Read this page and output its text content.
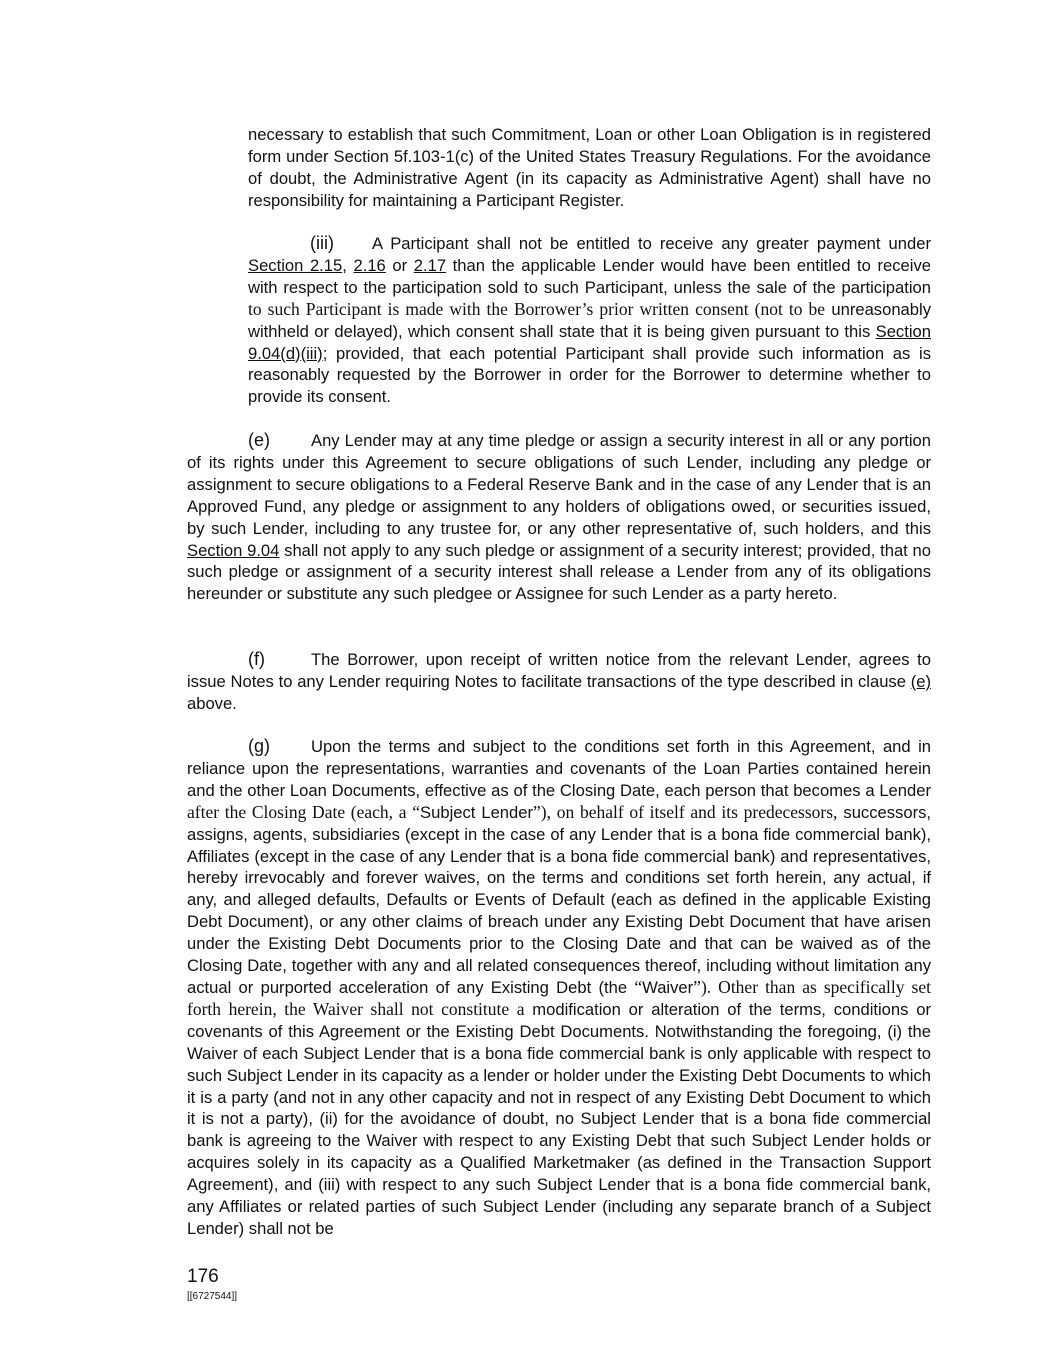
necessary to establish that such Commitment, Loan or other Loan Obligation is in registered form under Section 5f.103-1(c) of the United States Treasury Regulations. For the avoidance of doubt, the Administrative Agent (in its capacity as Administrative Agent) shall have no responsibility for maintaining a Participant Register.

(iii) A Participant shall not be entitled to receive any greater payment under Section 2.15, 2.16 or 2.17 than the applicable Lender would have been entitled to receive with respect to the participation sold to such Participant, unless the sale of the participation to such Participant is made with the Borrower’s prior written consent (not to be unreasonably withheld or delayed), which consent shall state that it is being given pursuant to this Section 9.04(d)(iii); provided, that each potential Participant shall provide such information as is reasonably requested by the Borrower in order for the Borrower to determine whether to provide its consent.

(e) Any Lender may at any time pledge or assign a security interest in all or any portion of its rights under this Agreement to secure obligations of such Lender, including any pledge or assignment to secure obligations to a Federal Reserve Bank and in the case of any Lender that is an Approved Fund, any pledge or assignment to any holders of obligations owed, or securities issued, by such Lender, including to any trustee for, or any other representative of, such holders, and this Section 9.04 shall not apply to any such pledge or assignment of a security interest; provided, that no such pledge or assignment of a security interest shall release a Lender from any of its obligations hereunder or substitute any such pledgee or Assignee for such Lender as a party hereto.

(f)	The Borrower, upon receipt of written notice from the relevant Lender, agrees to issue Notes to any Lender requiring Notes to facilitate transactions of the type described in clause (e) above.

(g) Upon the terms and subject to the conditions set forth in this Agreement, and in reliance upon the representations, warranties and covenants of the Loan Parties contained herein and the other Loan Documents, effective as of the Closing Date, each person that becomes a Lender after the Closing Date (each, a “Subject Lender”), on behalf of itself and its predecessors, successors, assigns, agents, subsidiaries (except in the case of any Lender that is a bona fide commercial bank), Affiliates (except in the case of any Lender that is a bona fide commercial bank) and representatives, hereby irrevocably and forever waives, on the terms and conditions set forth herein, any actual, if any, and alleged defaults, Defaults or Events of Default (each as defined in the applicable Existing Debt Document), or any other claims of breach under any Existing Debt Document that have arisen under the Existing Debt Documents prior to the Closing Date and that can be waived as of the Closing Date, together with any and all related consequences thereof, including without limitation any actual or purported acceleration of any Existing Debt (the “Waiver”). Other than as specifically set forth herein, the Waiver shall not constitute a modification or alteration of the terms, conditions or covenants of this Agreement or the Existing Debt Documents. Notwithstanding the foregoing, (i) the Waiver of each Subject Lender that is a bona fide commercial bank is only applicable with respect to such Subject Lender in its capacity as a lender or holder under the Existing Debt Documents to which it is a party (and not in any other capacity and not in respect of any Existing Debt Document to which it is not a party), (ii) for the avoidance of doubt, no Subject Lender that is a bona fide commercial bank is agreeing to the Waiver with respect to any Existing Debt that such Subject Lender holds or acquires solely in its capacity as a Qualified Marketmaker (as defined in the Transaction Support Agreement), and (iii) with respect to any such Subject Lender that is a bona fide commercial bank, any Affiliates or related parties of such Subject Lender (including any separate branch of a Subject Lender) shall not be

176

[[6727544]]
